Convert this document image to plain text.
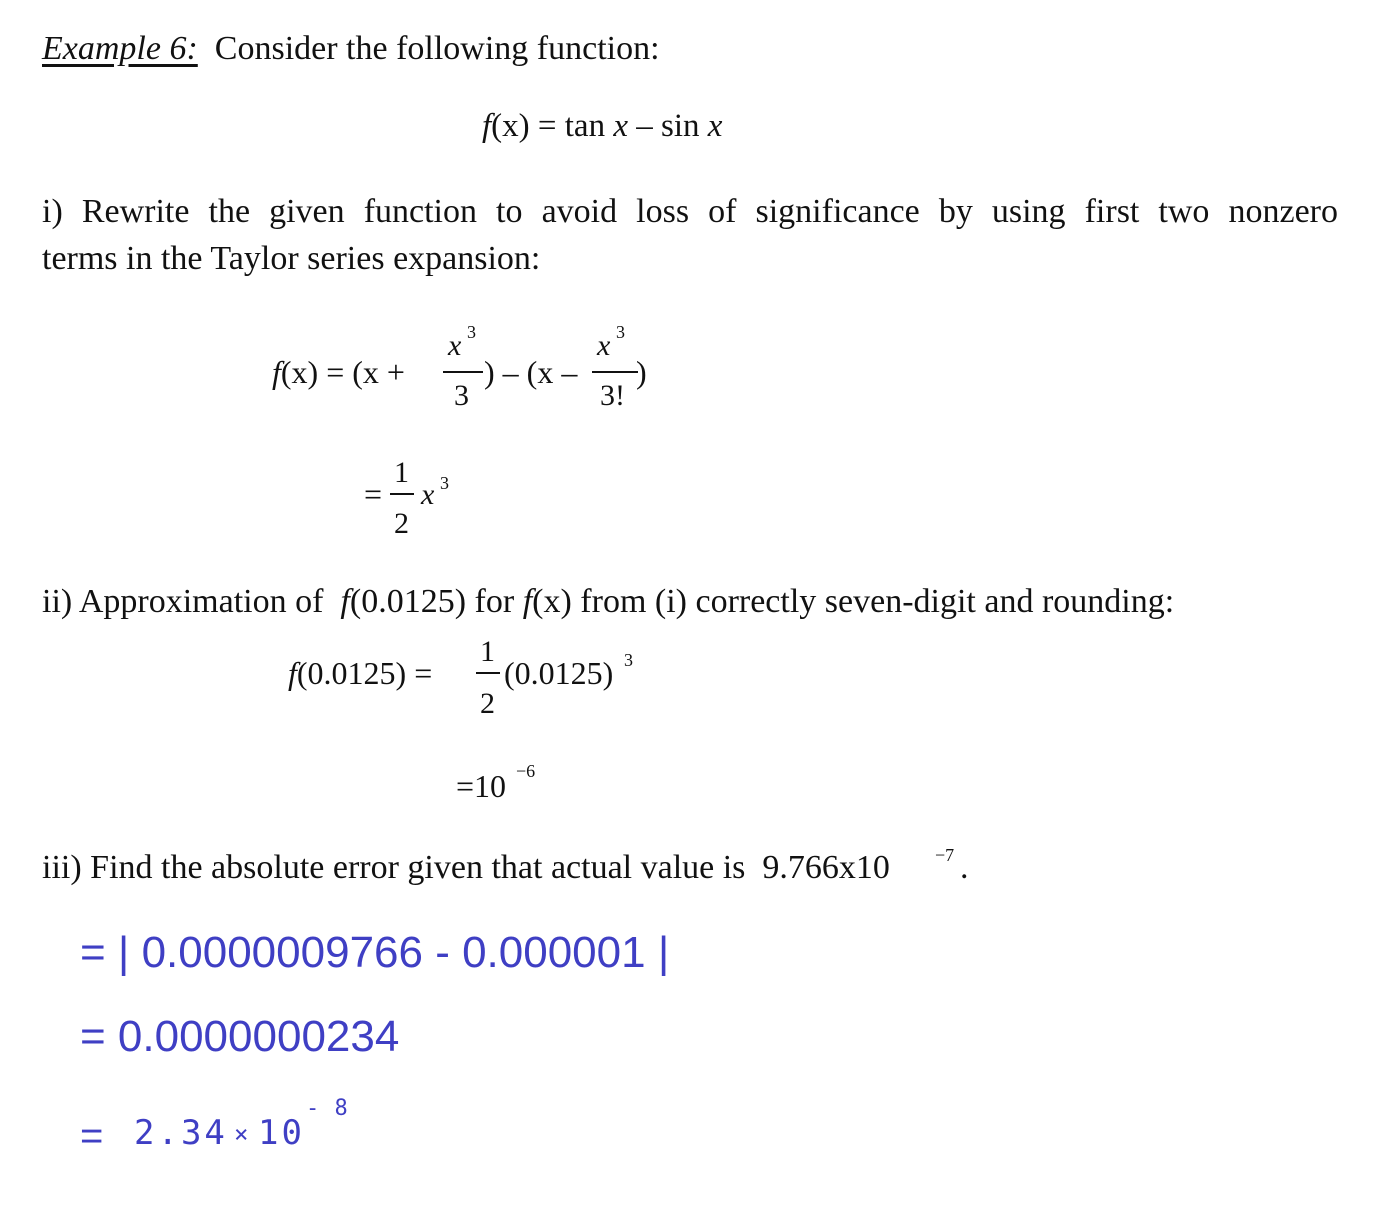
Example 6: Consider the following function:
f(x) = tan x – sin x
i) Rewrite the given function to avoid loss of significance by using first two nonzero
terms in the Taylor series expansion:
f(x) = (x +
x 3
3
) – (x –
x 3
3!
)
=
1
2
x 3
ii) Approximation of f(0.0125) for f(x) from (i) correctly seven-digit and rounding:
f(0.0125) =
1
2
(0.0125) 3
=10 −6
iii) Find the absolute error given that actual value is 9.766x10	−7 .
= | 0.0000009766 - 0.000001 |
= 0.0000000234
= 2.34 × 10
- 8
